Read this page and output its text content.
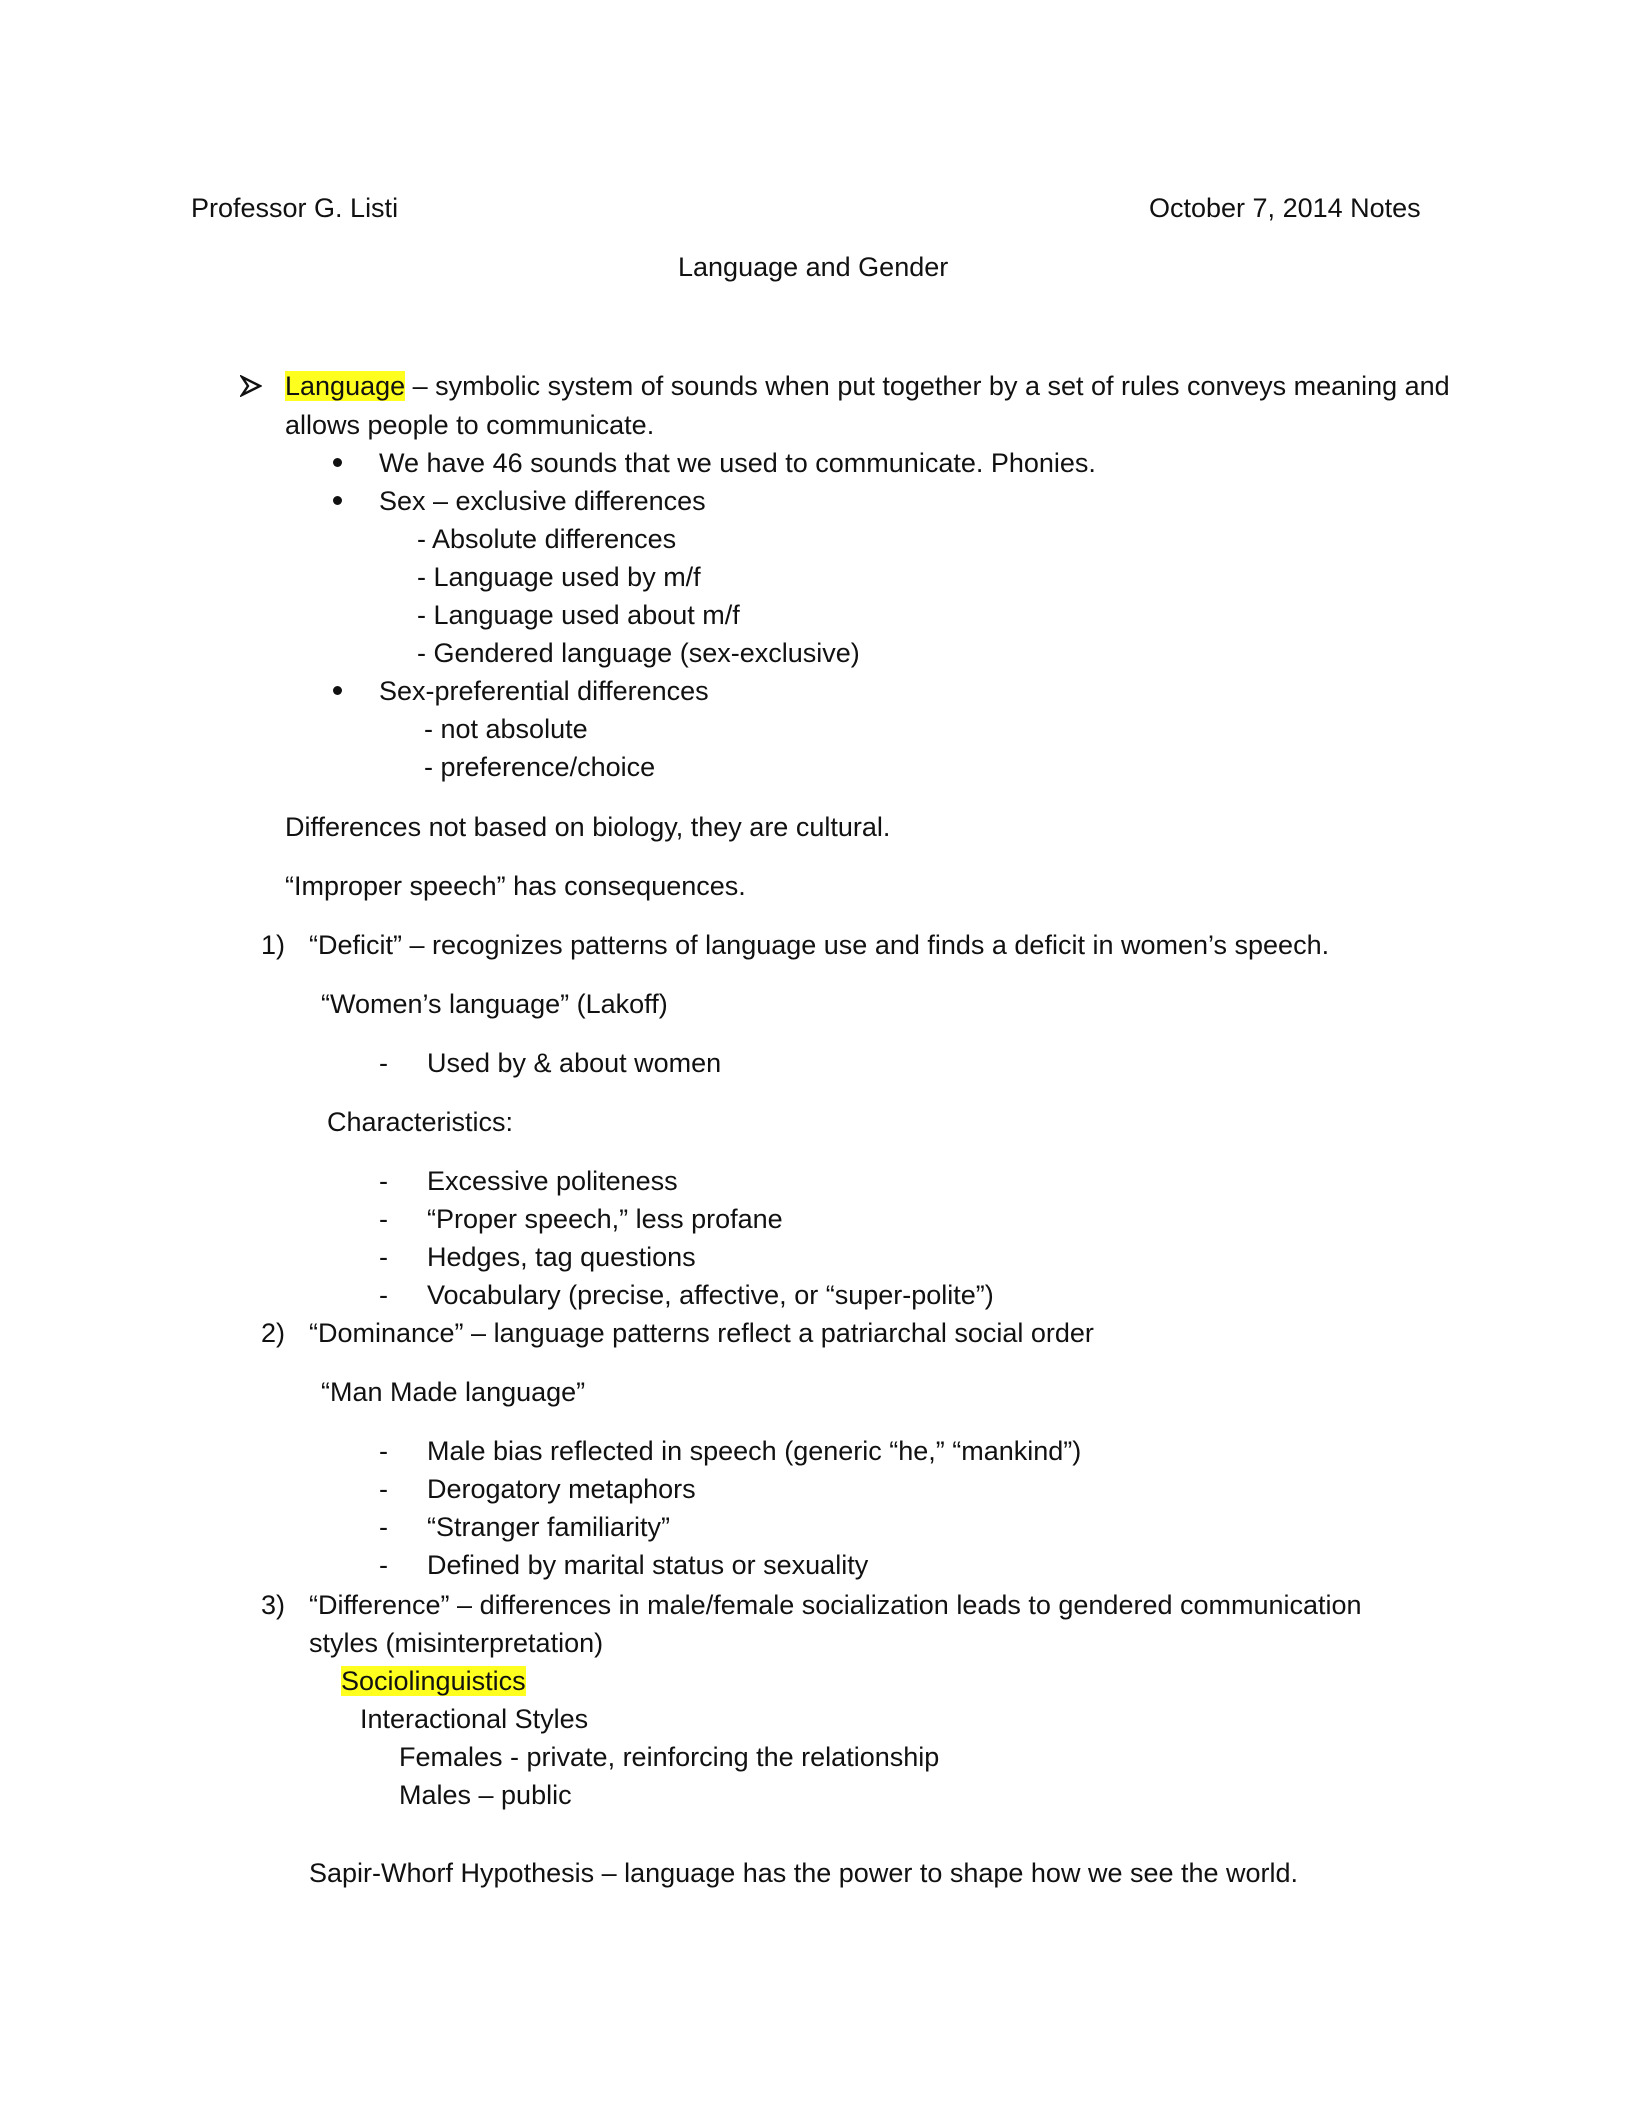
Professor G. Listi	October 7, 2014 Notes
Language and Gender
Language – symbolic system of sounds when put together by a set of rules conveys meaning and
allows people to communicate.
We have 46 sounds that we used to communicate. Phonies.
Sex – exclusive differences
- Absolute differences
- Language used by m/f
- Language used about m/f
- Gendered language (sex-exclusive)
Sex-preferential differences
- not absolute
- preference/choice
Differences not based on biology, they are cultural.
“Improper speech” has consequences.
1) “Deficit” – recognizes patterns of language use and finds a deficit in women’s speech.
“Women’s language” (Lakoff)
- Used by & about women
Characteristics:
- Excessive politeness
- “Proper speech,” less profane
- Hedges, tag questions
- Vocabulary (precise, affective, or “super-polite”)
2) “Dominance” – language patterns reflect a patriarchal social order
“Man Made language”
- Male bias reflected in speech (generic “he,” “mankind”)
- Derogatory metaphors
- “Stranger familiarity”
- Defined by marital status or sexuality
3) “Difference” – differences in male/female socialization leads to gendered communication
styles (misinterpretation)
Sociolinguistics
Interactional Styles
Females - private, reinforcing the relationship
Males – public
Sapir-Whorf Hypothesis – language has the power to shape how we see the world.
